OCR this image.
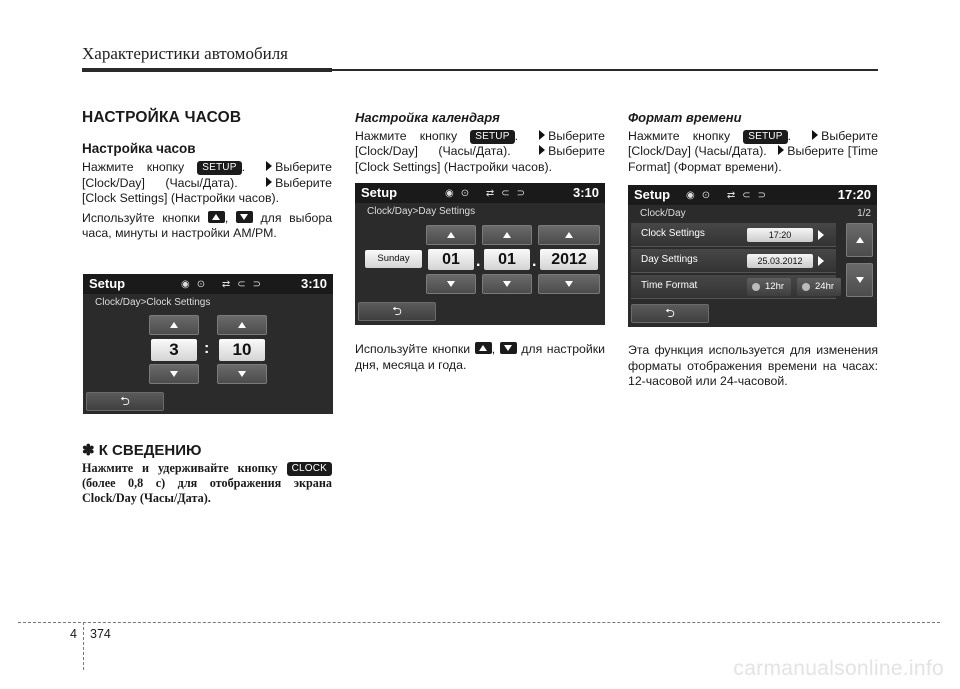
Характеристики автомобиля
НАСТРОЙКА ЧАСОВ
Настройка часов

Нажмите кнопку SETUP . Выберите [Clock/Day] (Часы/Дата).	Выберите [Clock Settings] (Настройки часов).

Используйте кнопки ,	для выбора часа, минуты и настройки AM/PM.

Setup	◉⊙ ⇄⊂⊃	3:10
Clock/Day>Clock Settings
3	:	10
⮌
✽ К СВЕДЕНИЮ

Нажмите и удерживайте кнопку CLOCK (более 0,8 с) для отображения экрана Clock/Day (Часы/Дата).

Настройка календаря

Нажмите кнопку SETUP . Выберите [Clock/Day] (Часы/Дата).	Выберите [Clock Settings] (Настройки часов).

Setup	◉⊙ ⇄⊂⊃	3:10
Clock/Day>Day Settings
Sunday	01	.	01	. 2012
⮌

Используйте кнопки , для настройки дня, месяца и года.

Формат времени

Нажмите кнопку SETUP . Выберите [Clock/Day] (Часы/Дата). Выберите [Time Format] (Формат времени).

Setup ◉⊙ ⇄⊂⊃	17:20
Clock/Day	1/2
Clock Settings	17:20
Day Settings	25.03.2012
Time Format	12hr	24hr
⮌

Эта функция используется для изменения форматы отображения времени на часах: 12-часовой или 24-часовой.

4 374
carmanualsonline.info
